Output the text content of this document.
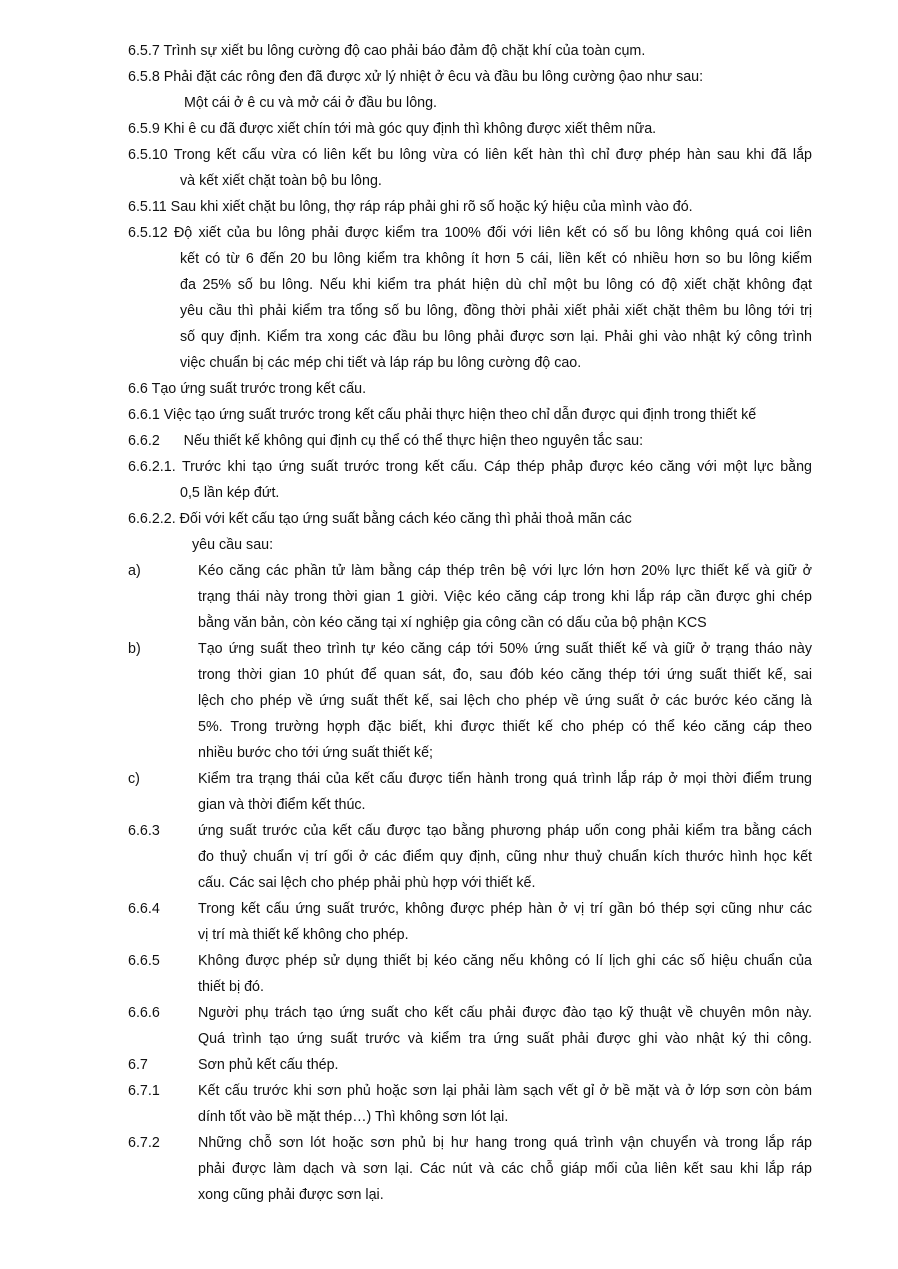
6.5.7 Trình sự xiết bu lông cường độ cao phải báo đảm độ chặt khí của toàn cụm.
6.5.8 Phải đặt các rông đen đã được xử lý nhiệt ở êcu và đầu bu lông cường ộao như sau:
Một cái ở ê cu và mở cái ở đầu bu lông.
6.5.9 Khi ê cu đã được xiết chín tới mà góc quy định thì không được xiết thêm nữa.
6.5.10 Trong kết cấu vừa có liên kết bu lông vừa có liên kết hàn thì chỉ đượ phép hàn sau khi đã lắp
và kết xiết chặt toàn bộ bu lông.
6.5.11 Sau khi xiết chặt bu lông, thợ ráp ráp phải ghi rõ số hoặc ký hiệu của mình vào đó.
6.5.12 Độ xiết của bu lông phải được kiểm tra 100% đối với liên kết có số bu lông không quá coi liên
kết có từ 6 đến 20 bu lông kiểm tra không ít hơn 5 cái, liền kết có nhiều hơn so bu lông kiểm
đa 25% số bu lông. Nếu khi kiểm tra phát hiện dù chỉ một bu lông có độ xiết chặt không đạt
yêu cầu thì phải kiểm tra tổng số bu lông, đồng thời phải xiết phải xiết chặt thêm bu lông tới trị
số quy định. Kiểm tra xong các đầu bu lông phải được sơn lại. Phải ghi vào nhật ký công trình
việc chuẩn bị các mép chi tiết và láp ráp bu lông cường độ cao.
6.6 Tạo ứng suất trước trong kết cấu.
6.6.1 Việc tạo ứng suất trước trong kết cấu phải thực hiện theo chỉ dẫn được qui định trong thiết kế
6.6.2      Nếu thiết kế không qui định cụ thể có thể thực hiện theo nguyên tắc sau:
6.6.2.1. Trước khi tạo ứng suất trước trong kết cấu. Cáp thép phảp được kéo căng với một lực bằng
0,5 lần kép đứt.
6.6.2.2. Đối với kết cấu tạo ứng suất bằng cách kéo căng thì phải thoả mãn các
yêu cầu sau:
a)	Kéo căng các phần tử làm bằng cáp thép trên bệ với lực lớn hơn 20% lực thiết kế và giữ ở
trạng thái này trong thời gian 1 giời. Việc kéo căng cáp trong khi lắp ráp cần được ghi chép
bằng văn bản, còn kéo căng tại xí nghiệp gia công cần có dấu của bộ phận KCS
b)	Tạo ứng suất theo trình tự kéo căng cáp tới 50% ứng suất thiết kế và giữ ở trạng tháo này
trong thời gian 10 phút để quan sát, đo, sau đób kéo căng thép tới ứng suất thiết kế, sai
lệch cho phép về ứng suất thết kế, sai lệch cho phép về ứng suất ở các bước kéo căng là
5%. Trong trường hợph đặc biết, khi được thiết kế cho phép có thể kéo căng cáp theo
nhiều bước cho tới ứng suất thiết kế;
c)	Kiểm tra trạng thái của kết cấu được tiến hành trong quá trình lắp ráp ở mọi thời điểm trung
gian và thời điểm kết thúc.
6.6.3	ứng suất trước của kết cấu được tạo bằng phương pháp uốn cong phải kiểm tra bằng cách
đo thuỷ chuẩn vị trí gối ở các điểm quy định, cũng như thuỷ chuẩn kích thước hình học kết
cấu. Các sai lệch cho phép phải phù hợp với thiết kế.
6.6.4	Trong kết cấu ứng suất trước, không được phép hàn ở vị trí gần bó thép sợi cũng như các
vị trí mà thiết kế không cho phép.
6.6.5	Không được phép sử dụng thiết bị kéo căng nếu không có lí lịch ghi các số hiệu chuẩn của
thiết bị đó.
6.6.6	Người phụ trách tạo ứng suất cho kết cấu phải được đào tạo kỹ thuật về chuyên môn này.
Quá trình tạo ứng suất trước và kiểm tra ứng suất phải được ghi vào nhật ký thi công.
6.7	Sơn phủ kết cấu thép.
6.7.1	Kết cấu trước khi sơn phủ hoặc sơn lại phải làm sạch vết gỉ ở bề mặt và ở lớp sơn còn bám
dính tốt vào bề mặt thép…) Thì không sơn lót lại.
6.7.2	Những chỗ sơn lót hoặc sơn phủ bị hư hang trong quá trình vận chuyển và trong lắp ráp
phải được làm dạch và sơn lại. Các nút và các chỗ giáp mối của liên kết sau khi lắp ráp
xong cũng phải được sơn lại.
